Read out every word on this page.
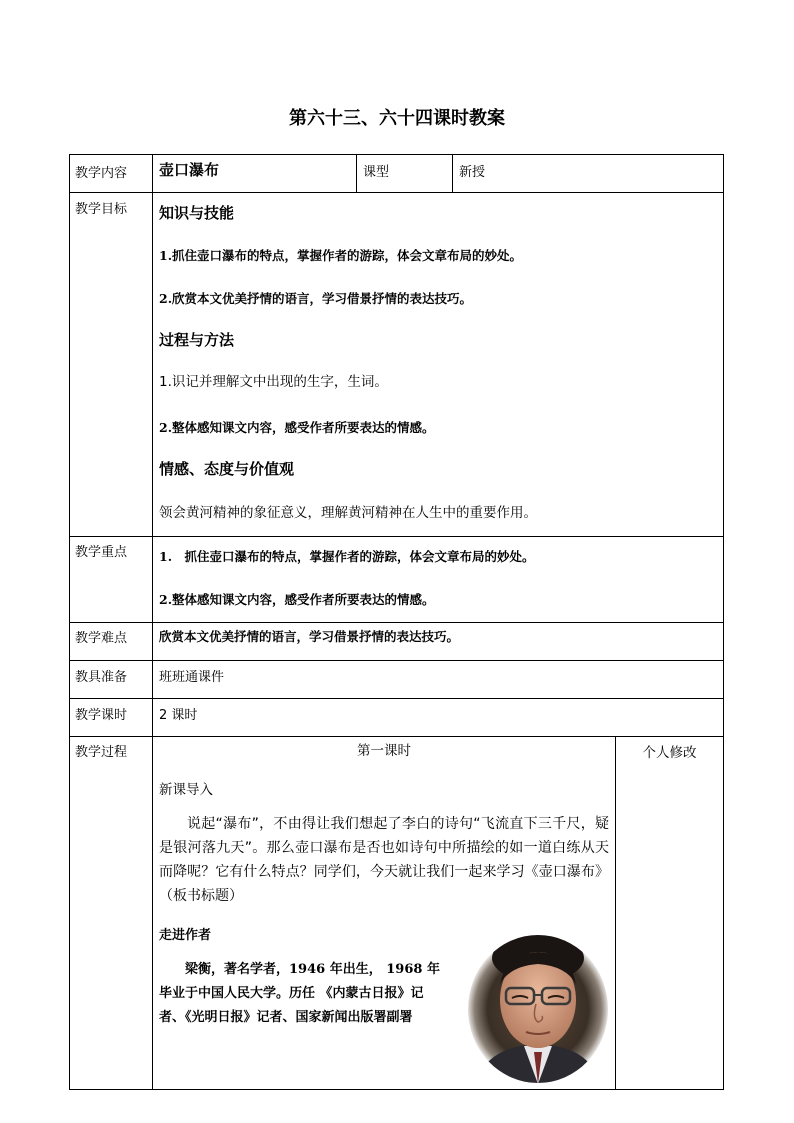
第六十三、六十四课时教案
教学内容 壶口瀑布	课型	新授
教学目标 知识与技能
1.抓住壶口瀑布的特点，掌握作者的游踪，体会文章布局的妙处。
2.欣赏本文优美抒情的语言，学习借景抒情的表达技巧。
过程与方法
1.识记并理解文中出现的生字，生词。
2.整体感知课文内容，感受作者所要表达的情感。
情感、态度与价值观
领会黄河精神的象征意义，理解黄河精神在人生中的重要作用。
教学重点	1.　抓住壶口瀑布的特点，掌握作者的游踪，体会文章布局的妙处。
2.整体感知课文内容，感受作者所要表达的情感。
教学难点	欣赏本文优美抒情的语言，学习借景抒情的表达技巧。
教具准备 班班通课件
教学课时 2 课时
教学过程	第一课时	个人修改
新课导入
说起“瀑布”，不由得让我们想起了李白的诗句“飞流直下三千尺，疑是银河落九天”。那么壶口瀑布是否也如诗句中所描绘的如一道白练从天而降呢？它有什么特点？同学们，今天就让我们一起来学习《壶口瀑布》（板书标题）
走进作者
梁衡，著名学者，1946 年出生， 1968 年毕业于中国人民大学。历任 《内蒙古日报》记者、《光明日报》记者、国家新闻出版署副署
